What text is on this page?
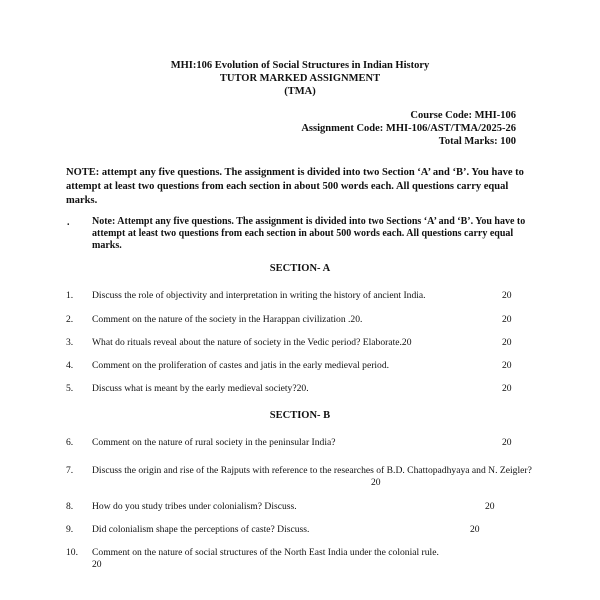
MHI:106 Evolution of Social Structures in Indian History
TUTOR MARKED ASSIGNMENT
(TMA)
Course Code: MHI-106
Assignment Code: MHI-106/AST/TMA/2025-26
Total Marks: 100
NOTE: attempt any five questions. The assignment is divided into two Section ‘A’ and ‘B’. You have to attempt at least two questions from each section in about 500 words each. All questions carry equal marks.
. Note: Attempt any five questions. The assignment is divided into two Sections ‘A’ and ‘B’. You have to attempt at least two questions from each section in about 500 words each. All questions carry equal marks.
SECTION- A
1. Discuss the role of objectivity and interpretation in writing the history of ancient India.	20
2. Comment on the nature of the society in the Harappan civilization .20.	20
3. What do rituals reveal about the nature of society in the Vedic period? Elaborate.20	20
4. Comment on the proliferation of castes and jatis in the early medieval period.	20
5. Discuss what is meant by the early medieval society?20.	20
SECTION- B
6. Comment on the nature of rural society in the peninsular India?	20
7. Discuss the origin and rise of the Rajputs with reference to the researches of B.D. Chattopadhyaya and N. Zeigler?
20
8. How do you study tribes under colonialism? Discuss.	20
9. Did colonialism shape the perceptions of caste? Discuss.	20
10. Comment on the nature of social structures of the North East India under the colonial rule.
20
